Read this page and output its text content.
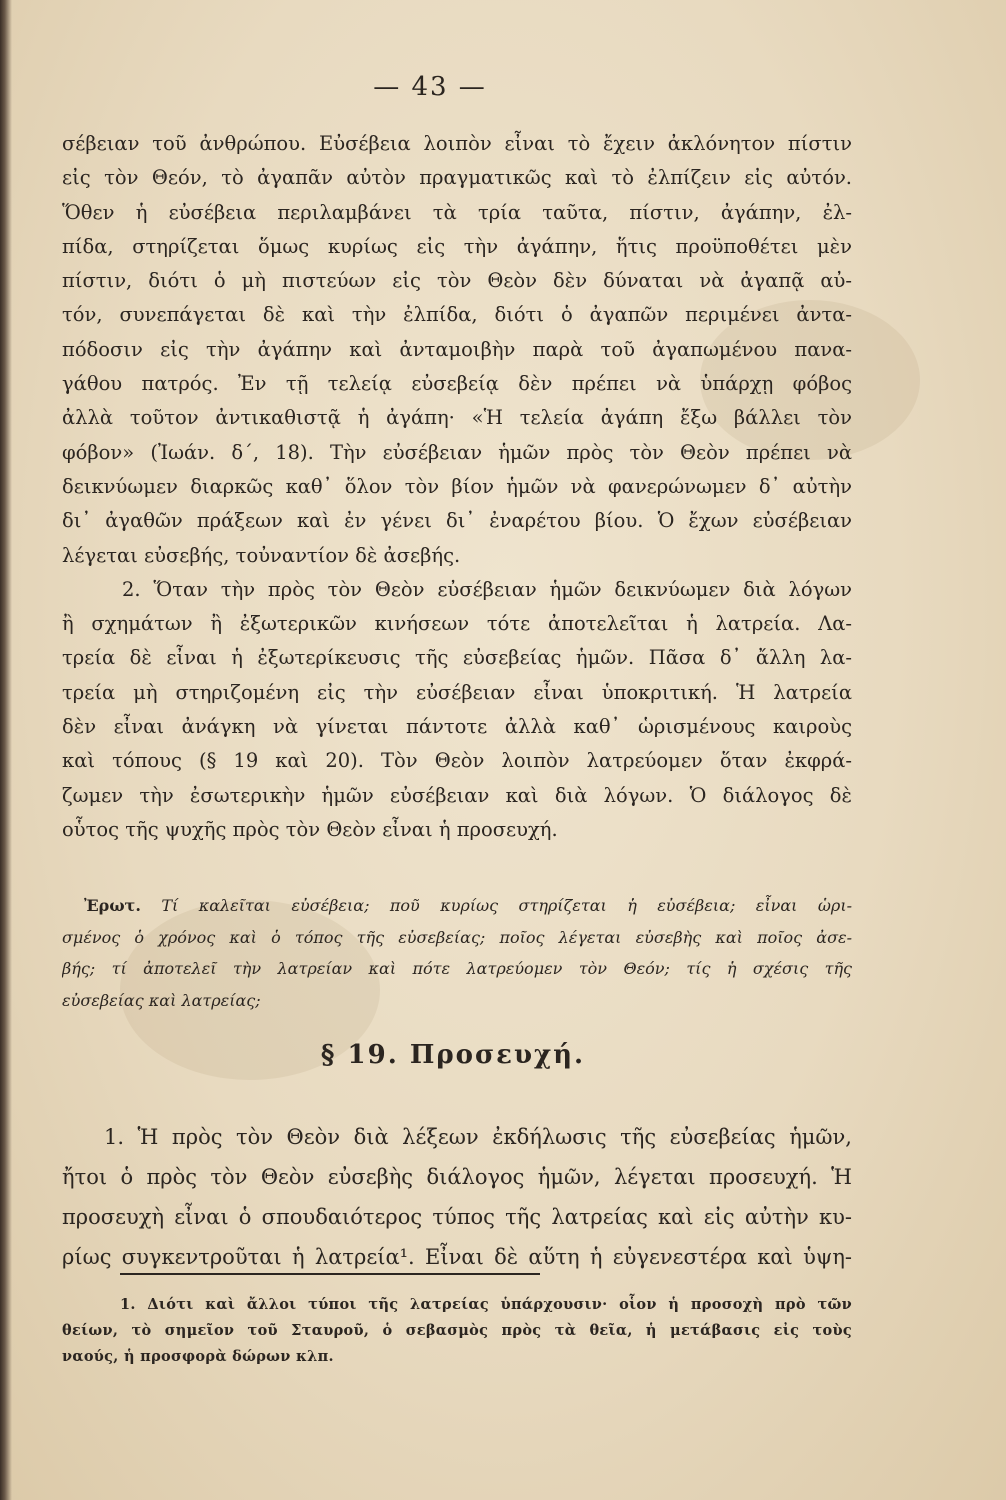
— 43 —
σέβειαν τοῦ ἀνθρώπου. Εὐσέβεια λοιπὸν εἶναι τὸ ἔχειν ἀκλόνητον πίστιν
εἰς τὸν Θεόν, τὸ ἀγαπᾶν αὐτὸν πραγματικῶς καὶ τὸ ἐλπίζειν εἰς αὐτόν.
Ὅθεν ἡ εὐσέβεια περιλαμβάνει τὰ τρία ταῦτα, πίστιν, ἀγάπην, ἐλ-
πίδα, στηρίζεται ὅμως κυρίως εἰς τὴν ἀγάπην, ἥτις προϋποθέτει μὲν
πίστιν, διότι ὁ μὴ πιστεύων εἰς τὸν Θεὸν δὲν δύναται νὰ ἀγαπᾷ αὐ-
τόν, συνεπάγεται δὲ καὶ τὴν ἐλπίδα, διότι ὁ ἀγαπῶν περιμένει ἀντα-
πόδοσιν εἰς τὴν ἀγάπην καὶ ἀνταμοιβὴν παρὰ τοῦ ἀγαπωμένου πανα-
γάθου πατρός. Ἐν τῇ τελείᾳ εὐσεβείᾳ δὲν πρέπει νὰ ὑπάρχῃ φόβος
ἀλλὰ τοῦτον ἀντικαθιστᾷ ἡ ἀγάπη· «Ἡ τελεία ἀγάπη ἔξω βάλλει τὸν
φόβον» (Ἰωάν. δ΄, 18). Τὴν εὐσέβειαν ἡμῶν πρὸς τὸν Θεὸν πρέπει νὰ
δεικνύωμεν διαρκῶς καθ᾽ ὅλον τὸν βίον ἡμῶν νὰ φανερώνωμεν δ᾽ αὐτὴν
δι᾽ ἀγαθῶν πράξεων καὶ ἐν γένει δι᾽ ἐναρέτου βίου. Ὁ ἔχων εὐσέβειαν
λέγεται εὐσεβής, τοὐναντίον δὲ ἀσεβής.
2. Ὅταν τὴν πρὸς τὸν Θεὸν εὐσέβειαν ἡμῶν δεικνύωμεν διὰ λόγων
ἢ σχημάτων ἢ ἐξωτερικῶν κινήσεων τότε ἀποτελεῖται ἡ λατρεία. Λα-
τρεία δὲ εἶναι ἡ ἐξωτερίκευσις τῆς εὐσεβείας ἡμῶν. Πᾶσα δ᾽ ἄλλη λα-
τρεία μὴ στηριζομένη εἰς τὴν εὐσέβειαν εἶναι ὑποκριτική. Ἡ λατρεία
δὲν εἶναι ἀνάγκη νὰ γίνεται πάντοτε ἀλλὰ καθ᾽ ὡρισμένους καιροὺς
καὶ τόπους (§ 19 καὶ 20). Τὸν Θεὸν λοιπὸν λατρεύομεν ὅταν ἐκφρά-
ζωμεν τὴν ἐσωτερικὴν ἡμῶν εὐσέβειαν καὶ διὰ λόγων. Ὁ διάλογος δὲ
οὗτος τῆς ψυχῆς πρὸς τὸν Θεὸν εἶναι ἡ προσευχή.
Ἐρωτ. Τί καλεῖται εὐσέβεια; ποῦ κυρίως στηρίζεται ἡ εὐσέβεια; εἶναι ὡρι-
σμένος ὁ χρόνος καὶ ὁ τόπος τῆς εὐσεβείας; ποῖος λέγεται εὐσεβὴς καὶ ποῖος ἀσε-
βής; τί ἀποτελεῖ τὴν λατρείαν καὶ πότε λατρεύομεν τὸν Θεόν; τίς ἡ σχέσις τῆς
εὐσεβείας καὶ λατρείας;
§ 19. Προσευχή.
1. Ἡ πρὸς τὸν Θεὸν διὰ λέξεων ἐκδήλωσις τῆς εὐσεβείας ἡμῶν,
ἤτοι ὁ πρὸς τὸν Θεὸν εὐσεβὴς διάλογος ἡμῶν, λέγεται προσευχή. Ἡ
προσευχὴ εἶναι ὁ σπουδαιότερος τύπος τῆς λατρείας καὶ εἰς αὐτὴν κυ-
ρίως συγκεντροῦται ἡ λατρεία¹. Εἶναι δὲ αὕτη ἡ εὐγενεστέρα καὶ ὑψη-
1. Διότι καὶ ἄλλοι τύποι τῆς λατρείας ὑπάρχουσιν· οἷον ἡ προσοχὴ πρὸ τῶν
θείων, τὸ σημεῖον τοῦ Σταυροῦ, ὁ σεβασμὸς πρὸς τὰ θεῖα, ἡ μετάβασις εἰς τοὺς
ναούς, ἡ προσφορὰ δώρων κλπ.
